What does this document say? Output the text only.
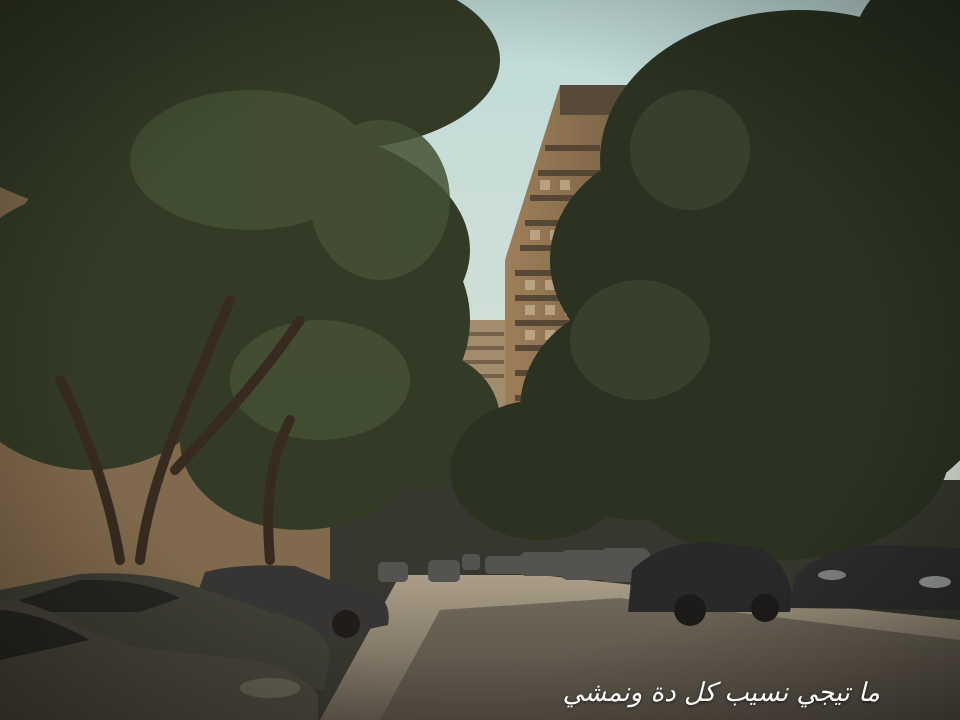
ما تيجي نسيب كل دة ونمشي
